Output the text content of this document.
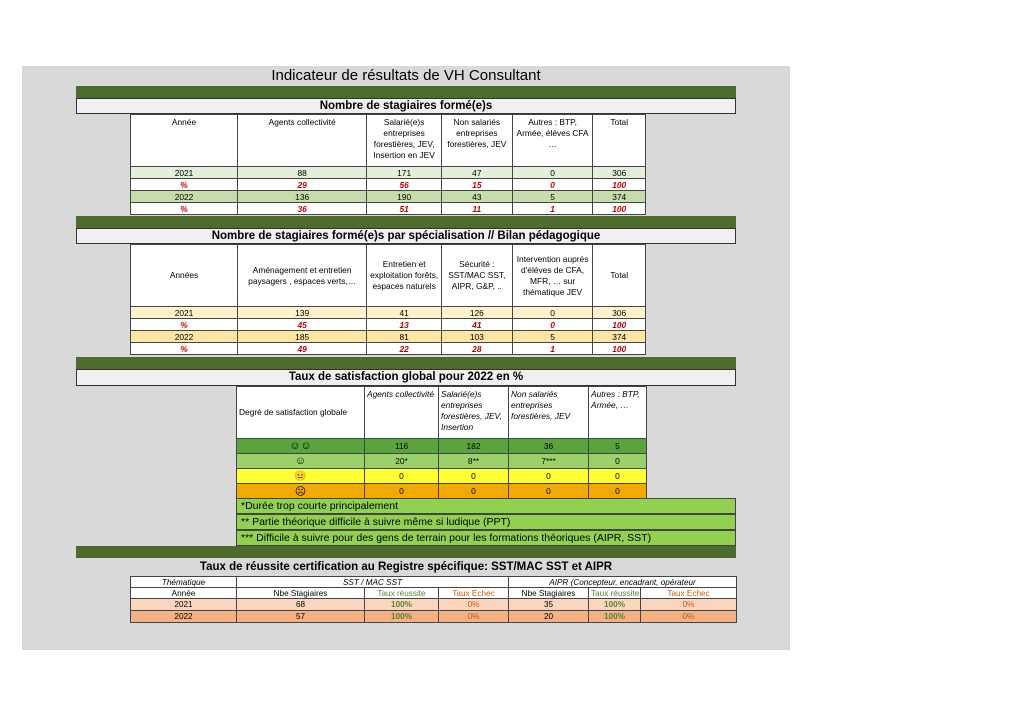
Indicateur de résultats de VH Consultant
Nombre de stagiaires formé(e)s
Année	Agents collectivité	Salarié(e)s entreprises forestières, JEV, Insertion en JEV	Non salariés entreprises forestières, JEV	Autres : BTP, Armée, éléves CFA …	Total
2021	88	171	47	0	306
%	29	56	15	0	100
2022	136	190	43	5	374
%	36	51	11	1	100
Nombre de stagiaires formé(e)s par spécialisation // Bilan pédagogique
Années	Aménagement et entretien paysagers , espaces verts,…	Entretien et exploitation forêts, espaces naturels	Sécurité : SST/MAC SST, AIPR, G&P, ..	Intervention auprés d'éléves de CFA, MFR, … sur thématique JEV	Total
2021	139	41	126	0	306
%	45	13	41	0	100
2022	185	81	103	5	374
%	49	22	28	1	100
Taux de satisfaction global pour 2022 en %
Degré de satisfaction globale	Agents collectivité	Salarié(e)s entreprises forestières, JEV, Insertion	Non salariés entreprises forestières, JEV	Autres : BTP, Armée, …
☺☺	116	182	36	5
☺	20*	8**	7***	0
😐	0	0	0	0
☹	0	0	0	0
*Durée trop courte principalement
** Partie théorique difficile à suivre même si ludique (PPT)
*** Difficile à suivre pour des gens de terrain pour les formations théoriques (AIPR, SST)
Taux de réussite certification au Registre spécifique: SST/MAC SST et AIPR
Thématique	SST / MAC SST			AIPR (Concepteur, encadrant, opérateur		
Année	Nbe Stagiaires	Taux réussite	Taux Echec	Nbe Stagiaires	Taux réussite	Taux Echec
2021	68	100%	0%	35	100%	0%
2022	57	100%	0%	20	100%	0%
